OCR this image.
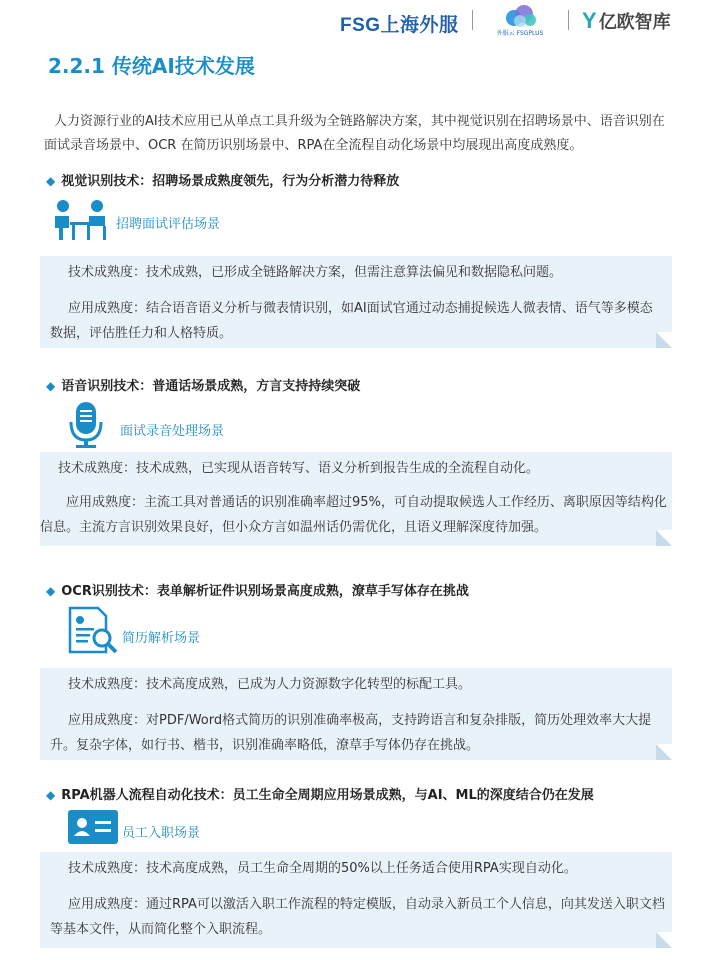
FSG上海外服	外服云 FSGPLUS
Y 亿欧智库
2.2.1 传统AI技术发展

人力资源行业的AI技术应用已从单点工具升级为全链路解决方案，其中视觉识别在招聘场景中、语音识别在面试录音场景中、OCR 在简历识别场景中、RPA在全流程自动化场景中均展现出高度成熟度。

◆ 视觉识别技术：招聘场景成熟度领先，行为分析潜力待释放
招聘面试评估场景

技术成熟度：技术成熟，已形成全链路解决方案，但需注意算法偏见和数据隐私问题。

应用成熟度：结合语音语义分析与微表情识别，如AI面试官通过动态捕捉候选人微表情、语气等多模态数据，评估胜任力和人格特质。

◆ 语音识别技术：普通话场景成熟，方言支持持续突破
面试录音处理场景

技术成熟度：技术成熟，已实现从语音转写、语义分析到报告生成的全流程自动化。

应用成熟度：主流工具对普通话的识别准确率超过95%，可自动提取候选人工作经历、离职原因等结构化信息。主流方言识别效果良好，但小众方言如温州话仍需优化，且语义理解深度待加强。

◆ OCR识别技术：表单解析证件识别场景高度成熟，潦草手写体存在挑战
简历解析场景

技术成熟度：技术高度成熟，已成为人力资源数字化转型的标配工具。

应用成熟度：对PDF/Word格式简历的识别准确率极高，支持跨语言和复杂排版，简历处理效率大大提升。复杂字体，如行书、楷书，识别准确率略低，潦草手写体仍存在挑战。

◆ RPA机器人流程自动化技术：员工生命全周期应用场景成熟，与AI、ML的深度结合仍在发展
员工入职场景

技术成熟度：技术高度成熟，员工生命全周期的50%以上任务适合使用RPA实现自动化。

应用成熟度：通过RPA可以激活入职工作流程的特定模版，自动录入新员工个人信息，向其发送入职文档等基本文件，从而简化整个入职流程。
